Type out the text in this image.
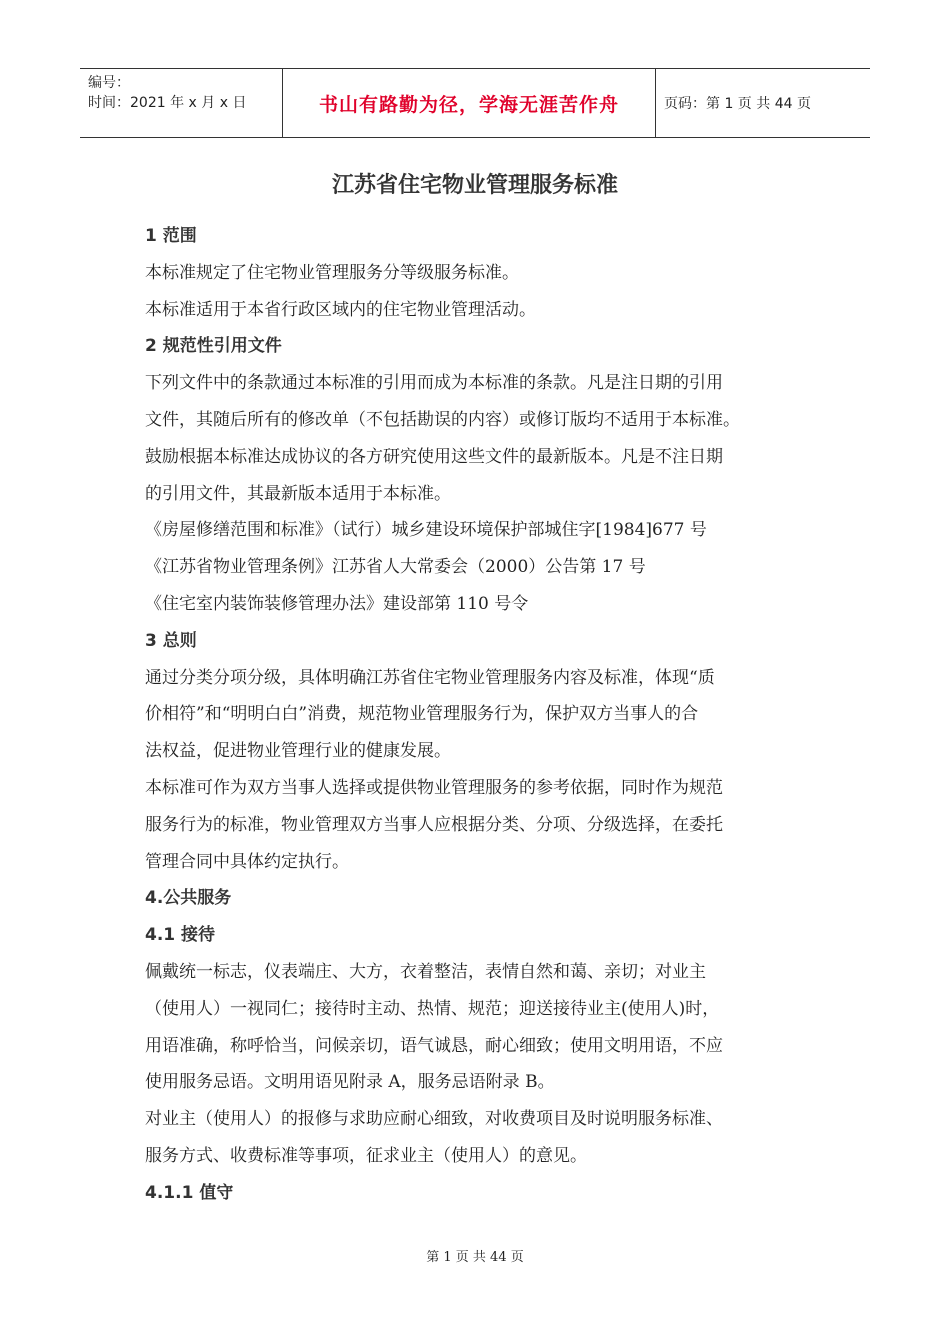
编号：
时间：2021 年 x 月 x 日	书山有路勤为径，学海无涯苦作舟	页码：第 1 页 共 44 页
江苏省住宅物业管理服务标准
1 范围
本标准规定了住宅物业管理服务分等级服务标准。
本标准适用于本省行政区域内的住宅物业管理活动。
2 规范性引用文件
下列文件中的条款通过本标准的引用而成为本标准的条款。凡是注日期的引用
文件，其随后所有的修改单（不包括勘误的内容）或修订版均不适用于本标准。
鼓励根据本标准达成协议的各方研究使用这些文件的最新版本。凡是不注日期
的引用文件，其最新版本适用于本标准。
《房屋修缮范围和标准》（试行）城乡建设环境保护部城住字[1984]677 号
《江苏省物业管理条例》江苏省人大常委会（2000）公告第 17 号
《住宅室内装饰装修管理办法》建设部第 110 号令
3 总则
通过分类分项分级，具体明确江苏省住宅物业管理服务内容及标准，体现“质
价相符”和“明明白白”消费，规范物业管理服务行为，保护双方当事人的合
法权益，促进物业管理行业的健康发展。
本标准可作为双方当事人选择或提供物业管理服务的参考依据，同时作为规范
服务行为的标准，物业管理双方当事人应根据分类、分项、分级选择，在委托
管理合同中具体约定执行。
4.公共服务
4.1 接待
佩戴统一标志，仪表端庄、大方，衣着整洁，表情自然和蔼、亲切；对业主
（使用人）一视同仁；接待时主动、热情、规范；迎送接待业主(使用人)时，
用语准确，称呼恰当，问候亲切，语气诚恳，耐心细致；使用文明用语，不应
使用服务忌语。文明用语见附录 A，服务忌语附录 B。
对业主（使用人）的报修与求助应耐心细致，对收费项目及时说明服务标准、
服务方式、收费标准等事项，征求业主（使用人）的意见。
4.1.1 值守
第 1 页 共 44 页
